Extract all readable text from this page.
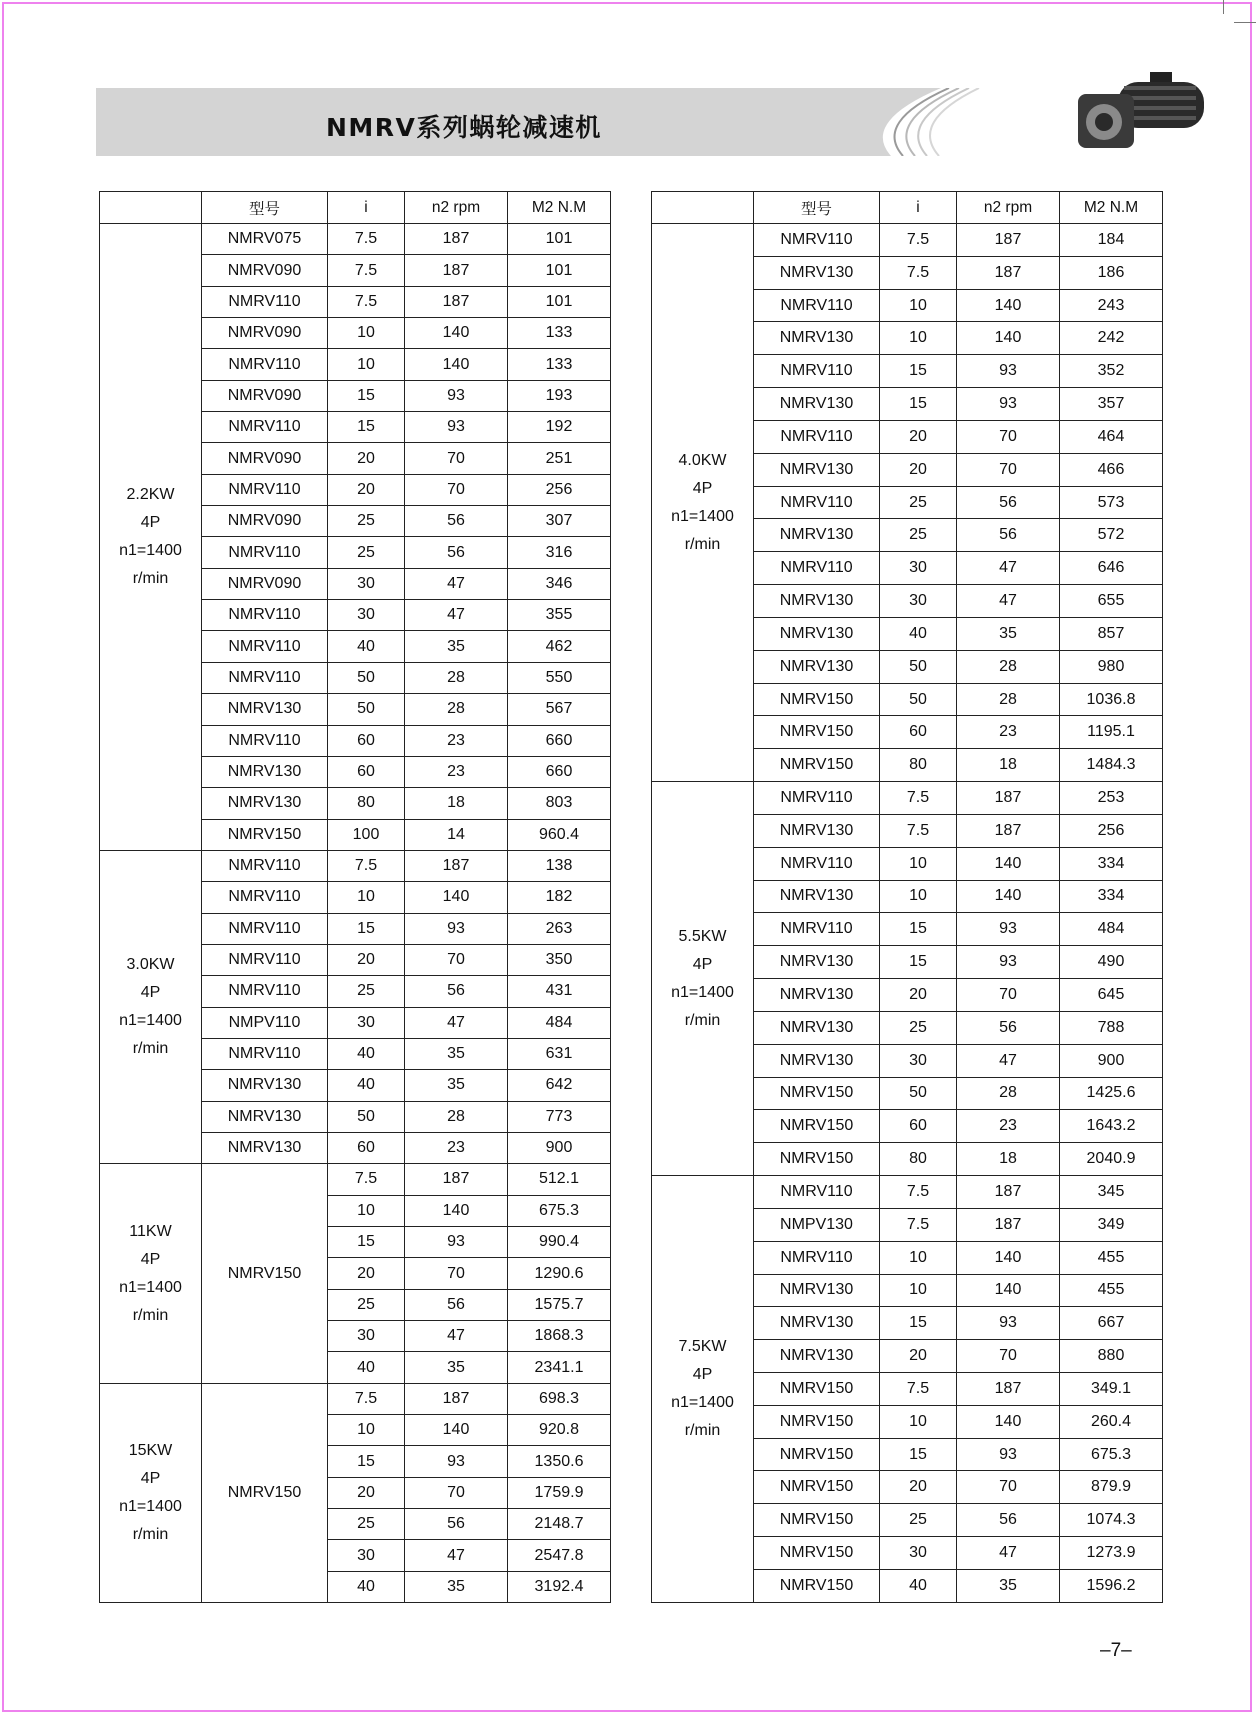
NMRV系列蜗轮减速机
	型号	i	n2 rpm	M2 N.M

2.2KW
4P
n1=1400
r/min	NMRV075	7.5	187	101
	NMRV090	7.5	187	101
	NMRV110	7.5	187	101
	NMRV090	10	140	133
	NMRV110	10	140	133
	NMRV090	15	93	193
	NMRV110	15	93	192
	NMRV090	20	70	251
	NMRV110	20	70	256
	NMRV090	25	56	307
	NMRV110	25	56	316
	NMRV090	30	47	346
	NMRV110	30	47	355
	NMRV110	40	35	462
	NMRV110	50	28	550
	NMRV130	50	28	567
	NMRV110	60	23	660
	NMRV130	60	23	660
	NMRV130	80	18	803
	NMRV150	100	14	960.4

3.0KW
4P
n1=1400
r/min	NMRV110	7.5	187	138
	NMRV110	10	140	182
	NMRV110	15	93	263
	NMRV110	20	70	350
	NMRV110	25	56	431
	NMPV110	30	47	484
	NMRV110	40	35	631
	NMRV130	40	35	642
	NMRV130	50	28	773
	NMRV130	60	23	900

11KW
4P
n1=1400
r/min	NMRV150	7.5	187	512.1
		10	140	675.3
		15	93	990.4
		20	70	1290.6
		25	56	1575.7
		30	47	1868.3
		40	35	2341.1

15KW
4P
n1=1400
r/min	NMRV150	7.5	187	698.3
		10	140	920.8
		15	93	1350.6
		20	70	1759.9
		25	56	2148.7
		30	47	2547.8
		40	35	3192.4
	型号	i	n2 rpm	M2 N.M

4.0KW
4P
n1=1400
r/min	NMRV110	7.5	187	184
	NMRV130	7.5	187	186
	NMRV110	10	140	243
	NMRV130	10	140	242
	NMRV110	15	93	352
	NMRV130	15	93	357
	NMRV110	20	70	464
	NMRV130	20	70	466
	NMRV110	25	56	573
	NMRV130	25	56	572
	NMRV110	30	47	646
	NMRV130	30	47	655
	NMRV130	40	35	857
	NMRV130	50	28	980
	NMRV150	50	28	1036.8
	NMRV150	60	23	1195.1
	NMRV150	80	18	1484.3

5.5KW
4P
n1=1400
r/min	NMRV110	7.5	187	253
	NMRV130	7.5	187	256
	NMRV110	10	140	334
	NMRV130	10	140	334
	NMRV110	15	93	484
	NMRV130	15	93	490
	NMRV130	20	70	645
	NMRV130	25	56	788
	NMRV130	30	47	900
	NMRV150	50	28	1425.6
	NMRV150	60	23	1643.2
	NMRV150	80	18	2040.9

7.5KW
4P
n1=1400
r/min	NMRV110	7.5	187	345
	NMPV130	7.5	187	349
	NMRV110	10	140	455
	NMRV130	10	140	455
	NMRV130	15	93	667
	NMRV130	20	70	880
	NMRV150	7.5	187	349.1
	NMRV150	10	140	260.4
	NMRV150	15	93	675.3
	NMRV150	20	70	879.9
	NMRV150	25	56	1074.3
	NMRV150	30	47	1273.9
	NMRV150	40	35	1596.2
–7–
